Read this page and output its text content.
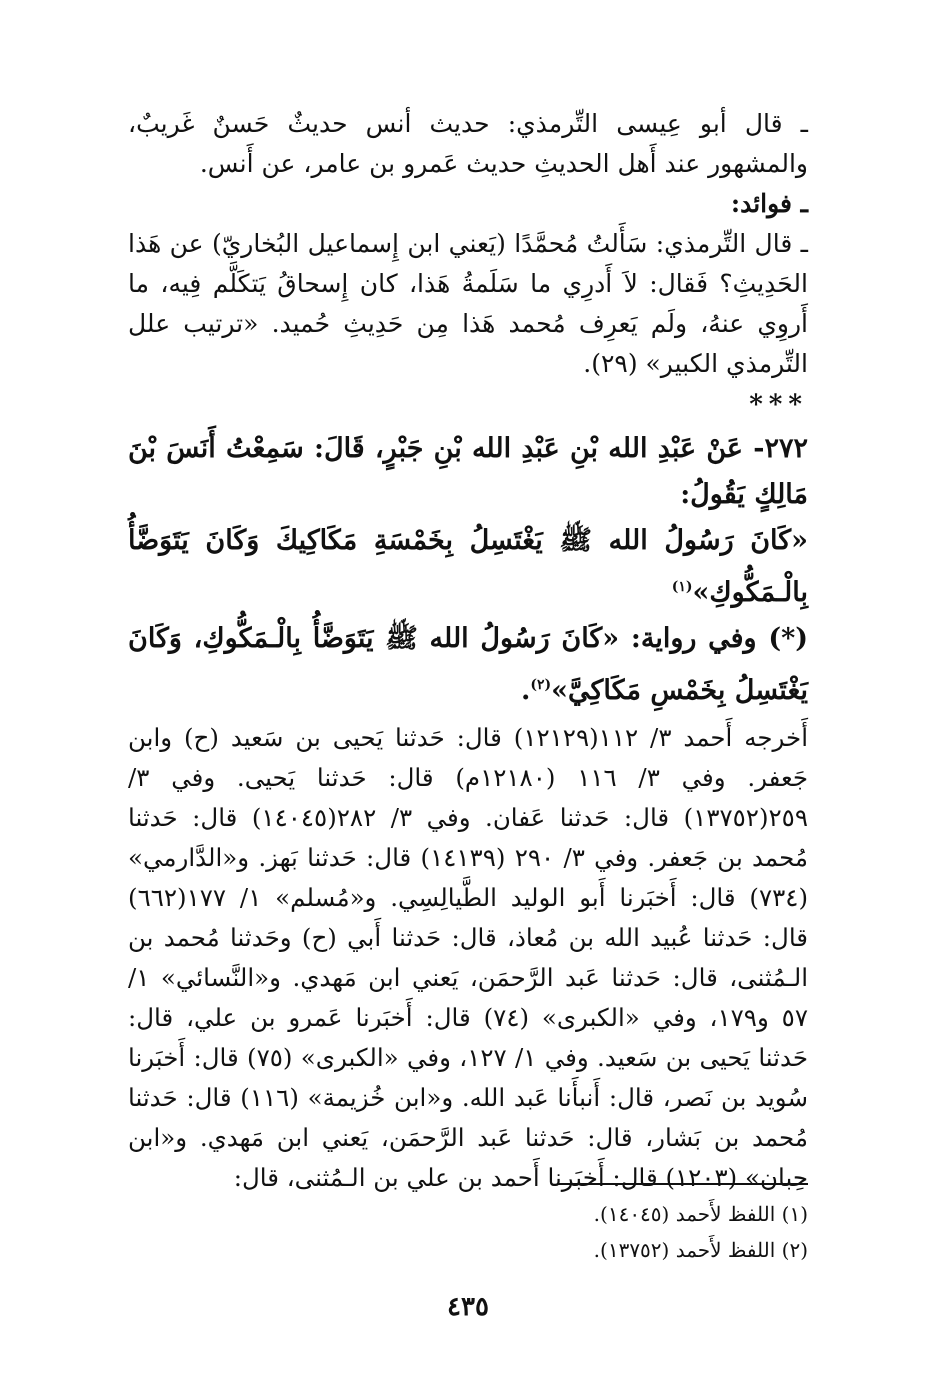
ـ قال أبو عِيسى التِّرمذي: حديث أنس حديثٌ حَسنٌ غَريبٌ، والمشهور عند أَهل الحديثِ حديث عَمرو بن عامر، عن أَنس.

ـ فوائد:

ـ قال التِّرمذي: سَأَلتُ مُحمَّدًا (يَعني ابن إِسماعيل البُخاريّ) عن هَذا الحَدِيثِ؟ فَقال: لاَ أَدرِي ما سَلَمةُ هَذا، كان إِسحاقُ يَتكَلَّم فِيه، ما أَروِي عنهُ، ولَم يَعرِف مُحمد هَذا مِن حَدِيثِ حُميد. «ترتيب علل التِّرمذي الكبير» (٢٩).

***

٢٧٢- عَنْ عَبْدِ الله بْنِ عَبْدِ الله بْنِ جَبْرٍ، قَالَ: سَمِعْتُ أَنَسَ بْنَ مَالِكٍ يَقُولُ:

«كَانَ رَسُولُ الله ﷺ يَغْتَسِلُ بِخَمْسَةِ مَكَاكِيكَ وَكَانَ يَتَوَضَّأُ بِالْـمَكُّوكِ»$^{(١)}$

(*) وفي رواية: «كَانَ رَسُولُ الله ﷺ يَتَوَضَّأُ بِالْـمَكُّوكِ، وَكَانَ يَغْتَسِلُ بِخَمْسِ مَكَاكِيَّ»$^{(٢)}$.

أَخرجه أَحمد ٣/ ١١٢(١٢١٢٩) قال: حَدثنا يَحيى بن سَعيد (ح) وابن جَعفر. وفي ٣/ ١١٦ (١٢١٨٠م) قال: حَدثنا يَحيى. وفي ٣/ ٢٥٩(١٣٧٥٢) قال: حَدثنا عَفان. وفي ٣/ ٢٨٢(١٤٠٤٥) قال: حَدثنا مُحمد بن جَعفر. وفي ٣/ ٢٩٠ (١٤١٣٩) قال: حَدثنا بَهز. و«الدَّارمي» (٧٣٤) قال: أَخبَرنا أَبو الوليد الطَّيالِسِي. و«مُسلم» ١/ ١٧٧(٦٦٢) قال: حَدثنا عُبيد الله بن مُعاذ، قال: حَدثنا أَبي (ح) وحَدثنا مُحمد بن الـمُثنى، قال: حَدثنا عَبد الرَّحمَن، يَعني ابن مَهدي. و«النَّسائي» ١/ ٥٧ و١٧٩، وفي «الكبرى» (٧٤) قال: أَخبَرنا عَمرو بن علي، قال: حَدثنا يَحيى بن سَعيد. وفي ١/ ١٢٧، وفي «الكبرى» (٧٥) قال: أَخبَرنا سُويد بن نَصر، قال: أَنبأَنا عَبد الله. و«ابن خُزيمة» (١١٦) قال: حَدثنا مُحمد بن بَشار، قال: حَدثنا عَبد الرَّحمَن، يَعني ابن مَهدي. و«ابن حِبان» (١٢٠٣) قال: أَخبَرنا أَحمد بن علي بن الـمُثنى، قال:

(١) اللفظ لأَحمد (١٤٠٤٥).
(٢) اللفظ لأَحمد (١٣٧٥٢).
٤٣٥
